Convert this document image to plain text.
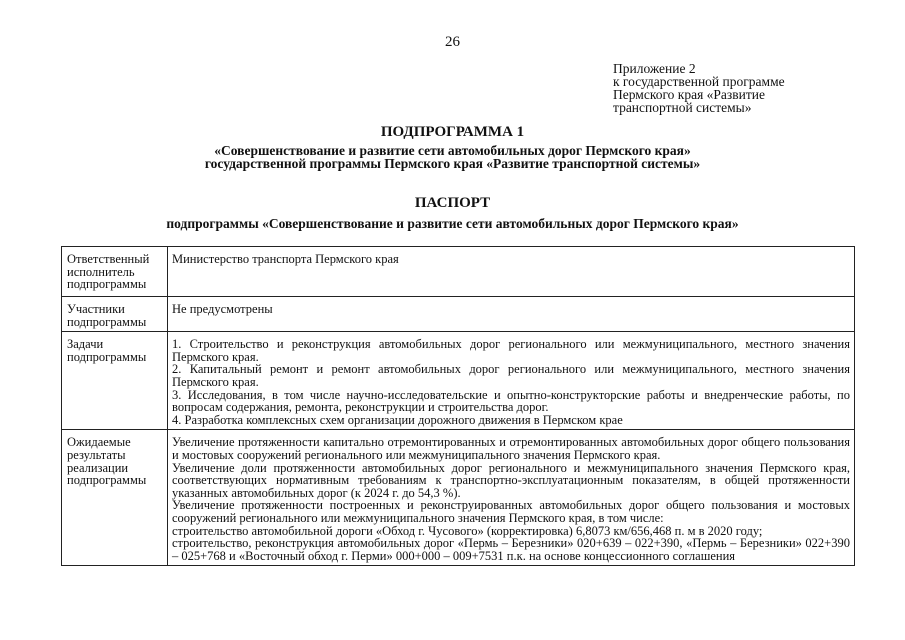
26
Приложение 2
к государственной программе
Пермского края «Развитие
транспортной системы»
ПОДПРОГРАММА 1
«Совершенствование и развитие сети автомобильных дорог Пермского края»
государственной программы Пермского края «Развитие транспортной системы»
ПАСПОРТ
подпрограммы «Совершенствование и развитие сети автомобильных дорог Пермского края»
Ответственный исполнитель подпрограммы	Министерство транспорта Пермского края

Участники подпрограммы	Не предусмотрены

Задачи подпрограммы	1. Строительство и реконструкция автомобильных дорог регионального или межмуниципального, местного значения Пермского края.
2. Капитальный ремонт и ремонт автомобильных дорог регионального или межмуниципального, местного значения Пермского края.
3. Исследования, в том числе научно-исследовательские и опытно-конструкторские работы и внедренческие работы, по вопросам содержания, ремонта, реконструкции и строительства дорог.
4. Разработка комплексных схем организации дорожного движения в Пермском крае

Ожидаемые результаты реализации подпрограммы	Увеличение протяженности капитально отремонтированных и отремонтированных автомобильных дорог общего пользования и мостовых сооружений регионального или межмуниципального значения Пермского края.
Увеличение доли протяженности автомобильных дорог регионального и межмуниципального значения Пермского края, соответствующих нормативным требованиям к транспортно-эксплуатационным показателям, в общей протяженности указанных автомобильных дорог (к 2024 г. до 54,3 %).
Увеличение протяженности построенных и реконструированных автомобильных дорог общего пользования и мостовых сооружений регионального или межмуниципального значения Пермского края, в том числе:
строительство автомобильной дороги «Обход г. Чусового» (корректировка) 6,8073 км/656,468 п. м в 2020 году;
строительство, реконструкция автомобильных дорог «Пермь – Березники» 020+639 – 022+390, «Пермь – Березники» 022+390 – 025+768 и «Восточный обход г. Перми» 000+000 – 009+7531 п.к. на основе концессионного соглашения
